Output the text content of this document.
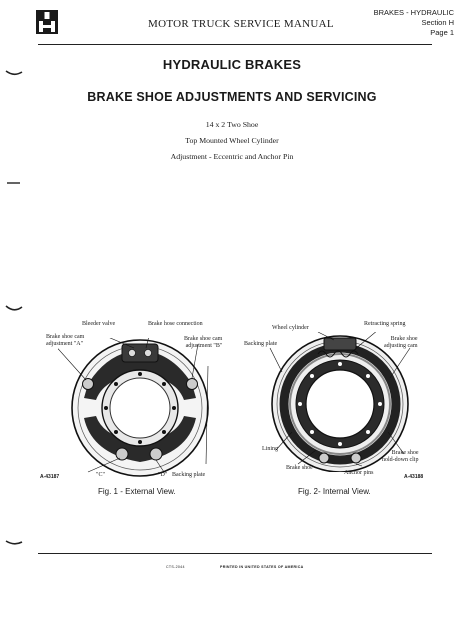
MOTOR TRUCK SERVICE MANUAL
BRAKES - HYDRAULIC
Section H
Page 1
HYDRAULIC BRAKES
BRAKE SHOE ADJUSTMENTS AND SERVICING
14 x 2 Two Shoe
Top Mounted Wheel Cylinder
Adjustment - Eccentric and Anchor Pin
Bleeder valve	Brake hose connection
Brake shoe cam
adjustment "A"
Brake shoe cam
adjustment "B"
"C"	"D" Backing plate
A-43187
Fig. 1 - External View.
Wheel cylinder
Retracting spring
Backing plate
Brake shoe
adjusting cam
Lining
Brake shoe
hold-down clip
Brake shoe
Anchor pins
A-43188
Fig. 2- Internal View.
CTS-2044	PRINTED IN UNITED STATES OF AMERICA
